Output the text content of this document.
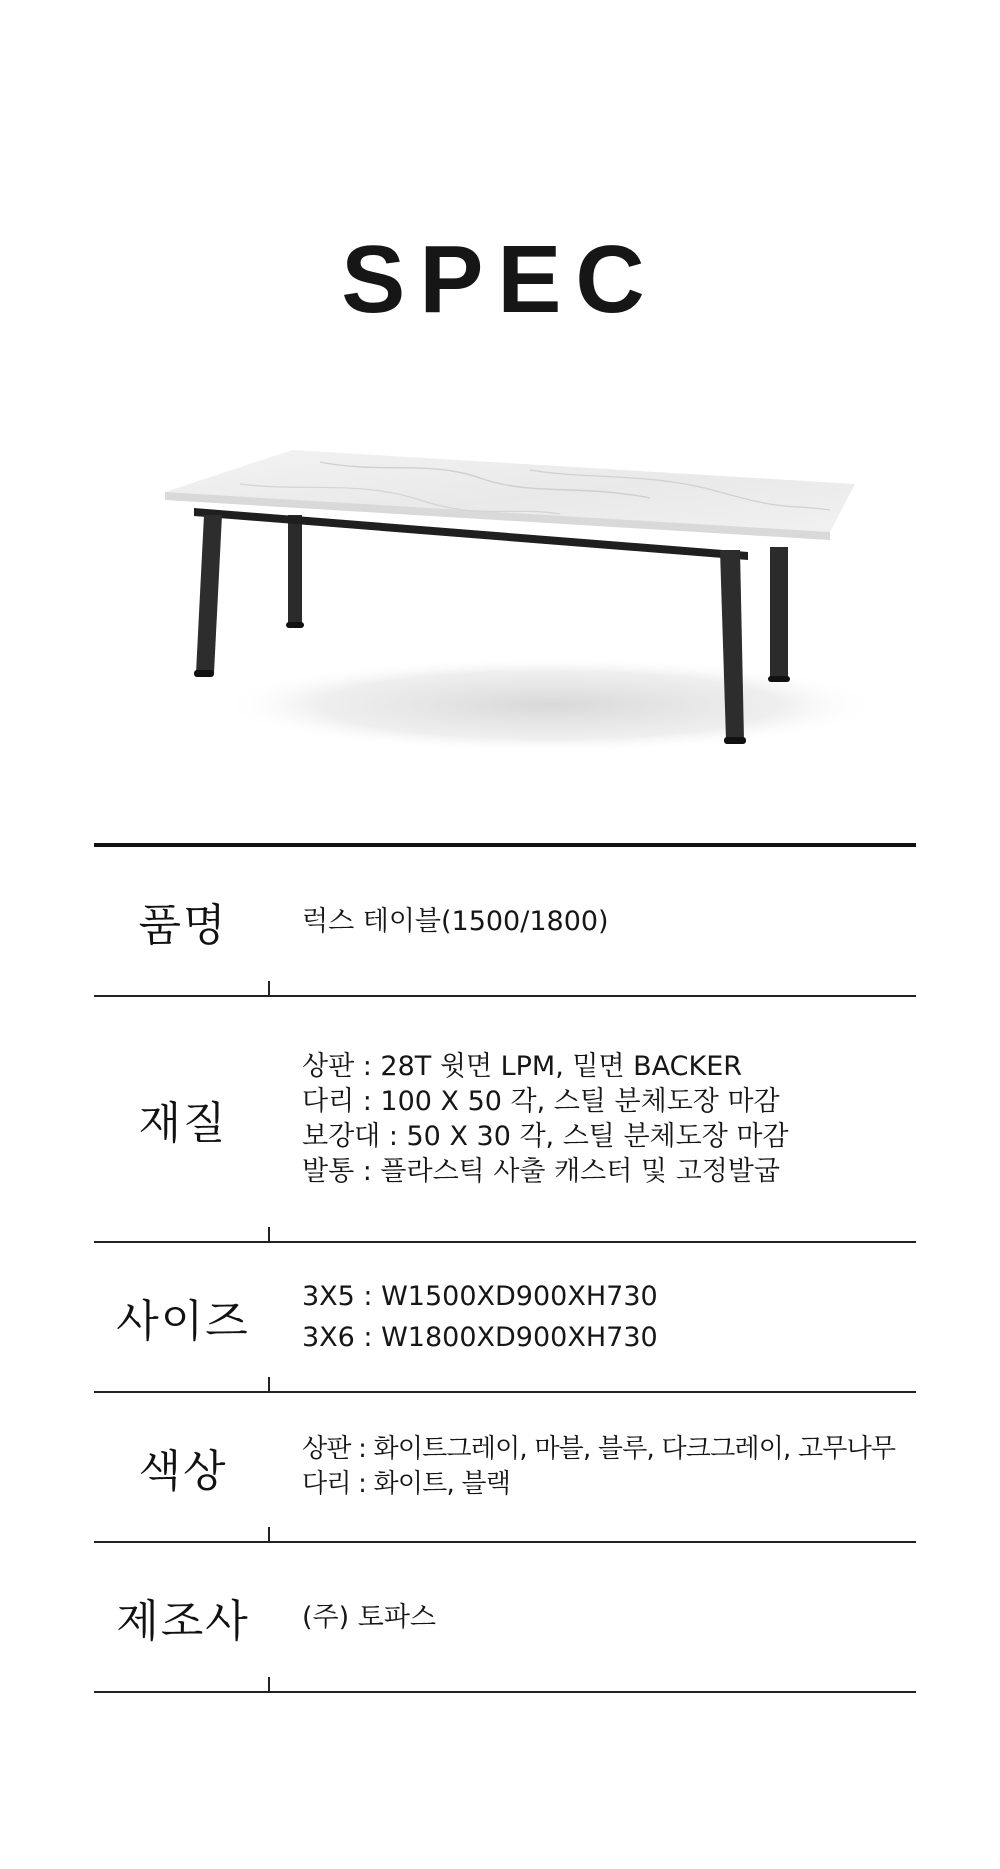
SPEC
품명	럭스 테이블(1500/1800)
재질
상판 : 28T 윗면 LPM, 밑면 BACKER
다리 : 100 X 50 각, 스틸 분체도장 마감
보강대 : 50 X 30 각, 스틸 분체도장 마감
발통 : 플라스틱 사출 캐스터 및 고정발굽
사이즈	3X5 : W1500XD900XH730
3X6 : W1800XD900XH730
색상	상판 : 화이트그레이, 마블, 블루, 다크그레이, 고무나무
다리 : 화이트, 블랙
제조사	(주) 토파스
